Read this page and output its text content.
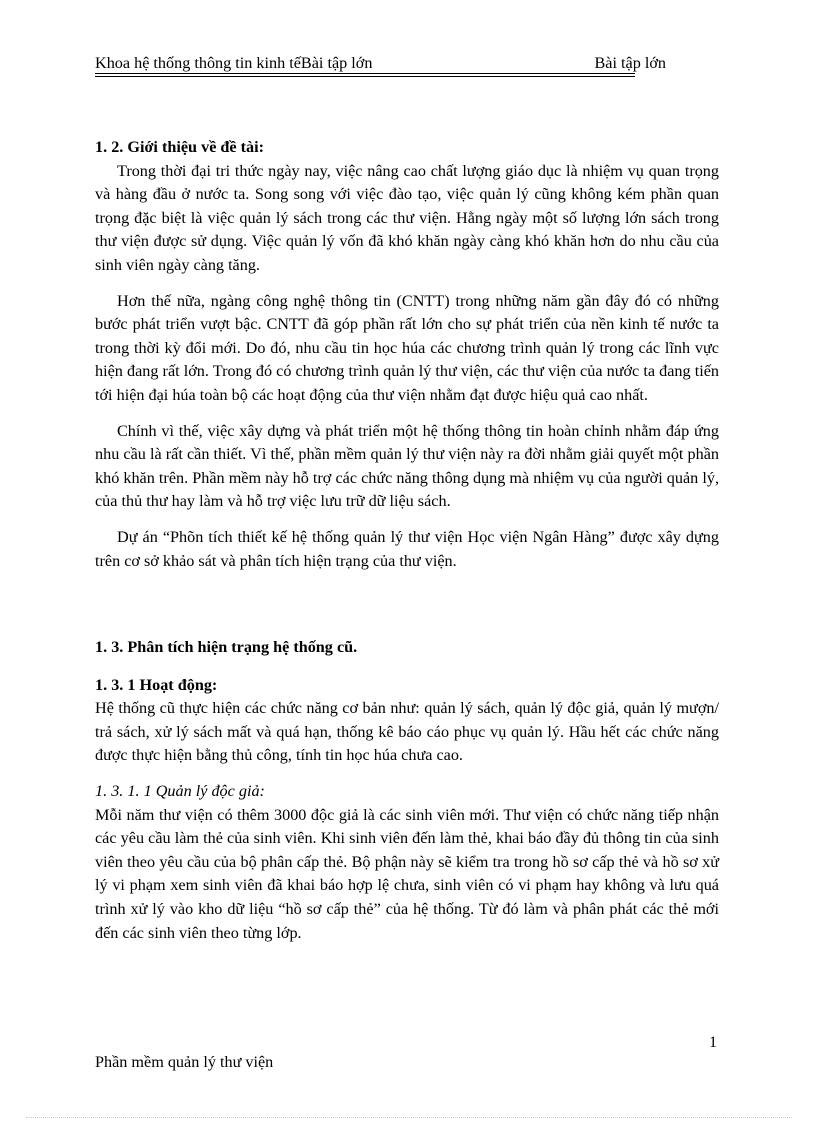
Khoa hệ thống thông tin kinh tếBài tập lớn	Bài tập lớn

1. 2. Giới thiệu về đề tài:

Trong thời đại tri thức ngày nay, việc nâng cao chất lượng giáo dục là nhiệm vụ quan trọng và hàng đầu ở nước ta. Song song với việc đào tạo, việc quản lý cũng không kém phần quan trọng đặc biệt là việc quản lý sách trong các thư viện. Hằng ngày một số lượng lớn sách trong thư viện được sử dụng. Việc quản lý vốn đã khó khăn ngày càng khó khăn hơn do nhu cầu của sinh viên ngày càng tăng.

Hơn thế nữa, ngàng công nghệ thông tin (CNTT) trong những năm gần đây đó có những bước phát triển vượt bậc. CNTT đã góp phần rất lớn cho sự phát triển của nền kinh tế nước ta trong thời kỳ đổi mới. Do đó, nhu cầu tin học húa các chương trình quản lý trong các lĩnh vực hiện đang rất lớn. Trong đó có chương trình quản lý thư viện, các thư viện của nước ta đang tiến tới hiện đại húa toàn bộ các hoạt động của thư viện nhằm đạt được hiệu quả cao nhất.

Chính vì thế, việc xây dựng và phát triển một hệ thống thông tin hoàn chỉnh nhằm đáp ứng nhu cầu là rất cần thiết. Vì thế, phần mềm quản lý thư viện này ra đời nhằm giải quyết một phần khó khăn trên. Phần mềm này hỗ trợ các chức năng thông dụng mà nhiệm vụ của người quản lý, của thủ thư hay làm và hỗ trợ việc lưu trữ dữ liệu sách.

Dự án “Phõn tích thiết kế hệ thống quản lý thư viện Học viện Ngân Hàng” được xây dựng trên cơ sở khảo sát và phân tích hiện trạng của thư viện.

1. 3. Phân tích hiện trạng hệ thống cũ.

1. 3. 1 Hoạt động:

Hệ thống cũ thực hiện các chức năng cơ bản như: quản lý sách, quản lý độc giả, quản lý mượn/ trả sách, xử lý sách mất và quá hạn, thống kê báo cáo phục vụ quản lý. Hầu hết các chức năng được thực hiện bằng thủ công, tính tin học húa chưa cao.

1. 3. 1. 1 Quản lý độc giả:

Mỗi năm thư viện có thêm 3000 độc giả là các sinh viên mới. Thư viện có chức năng tiếp nhận các yêu cầu làm thẻ của sinh viên. Khi sinh viên đến làm thẻ, khai báo đầy đủ thông tin của sinh viên theo yêu cầu của bộ phân cấp thẻ. Bộ phận này sẽ kiểm tra trong hồ sơ cấp thẻ và hồ sơ xử lý vi phạm xem sinh viên đã khai báo hợp lệ chưa, sinh viên có vi phạm hay không và lưu quá trình xử lý vào kho dữ liệu “hồ sơ cấp thẻ” của hệ thống. Từ đó làm và phân phát các thẻ mới đến các sinh viên theo từng lớp.

1
Phần mềm quản lý thư viện
